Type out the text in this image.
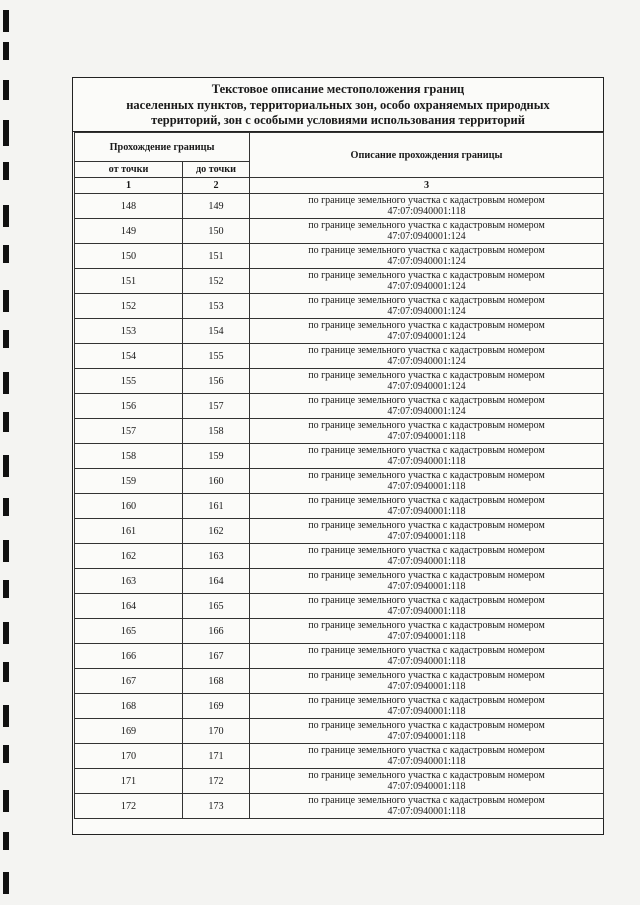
Текстовое описание местоположения границ
населенных пунктов, территориальных зон, особо охраняемых природных
территорий, зон с особыми условиями использования территорий
Прохождение границы		Описание прохождения границы
от точки	до точки	
1	2	3
148	149	по границе земельного участка с кадастровым номером
47:07:0940001:118

149	150	по границе земельного участка с кадастровым номером
47:07:0940001:124

150	151	по границе земельного участка с кадастровым номером
47:07:0940001:124

151	152	по границе земельного участка с кадастровым номером
47:07:0940001:124

152	153	по границе земельного участка с кадастровым номером
47:07:0940001:124

153	154	по границе земельного участка с кадастровым номером
47:07:0940001:124

154	155	по границе земельного участка с кадастровым номером
47:07:0940001:124

155	156	по границе земельного участка с кадастровым номером
47:07:0940001:124

156	157	по границе земельного участка с кадастровым номером
47:07:0940001:124

157	158	по границе земельного участка с кадастровым номером
47:07:0940001:118

158	159	по границе земельного участка с кадастровым номером
47:07:0940001:118

159	160	по границе земельного участка с кадастровым номером
47:07:0940001:118

160	161	по границе земельного участка с кадастровым номером
47:07:0940001:118

161	162	по границе земельного участка с кадастровым номером
47:07:0940001:118

162	163	по границе земельного участка с кадастровым номером
47:07:0940001:118

163	164	по границе земельного участка с кадастровым номером
47:07:0940001:118

164	165	по границе земельного участка с кадастровым номером
47:07:0940001:118

165	166	по границе земельного участка с кадастровым номером
47:07:0940001:118

166	167	по границе земельного участка с кадастровым номером
47:07:0940001:118

167	168	по границе земельного участка с кадастровым номером
47:07:0940001:118

168	169	по границе земельного участка с кадастровым номером
47:07:0940001:118

169	170	по границе земельного участка с кадастровым номером
47:07:0940001:118

170	171	по границе земельного участка с кадастровым номером
47:07:0940001:118

171	172	по границе земельного участка с кадастровым номером
47:07:0940001:118

172	173	по границе земельного участка с кадастровым номером
47:07:0940001:118
